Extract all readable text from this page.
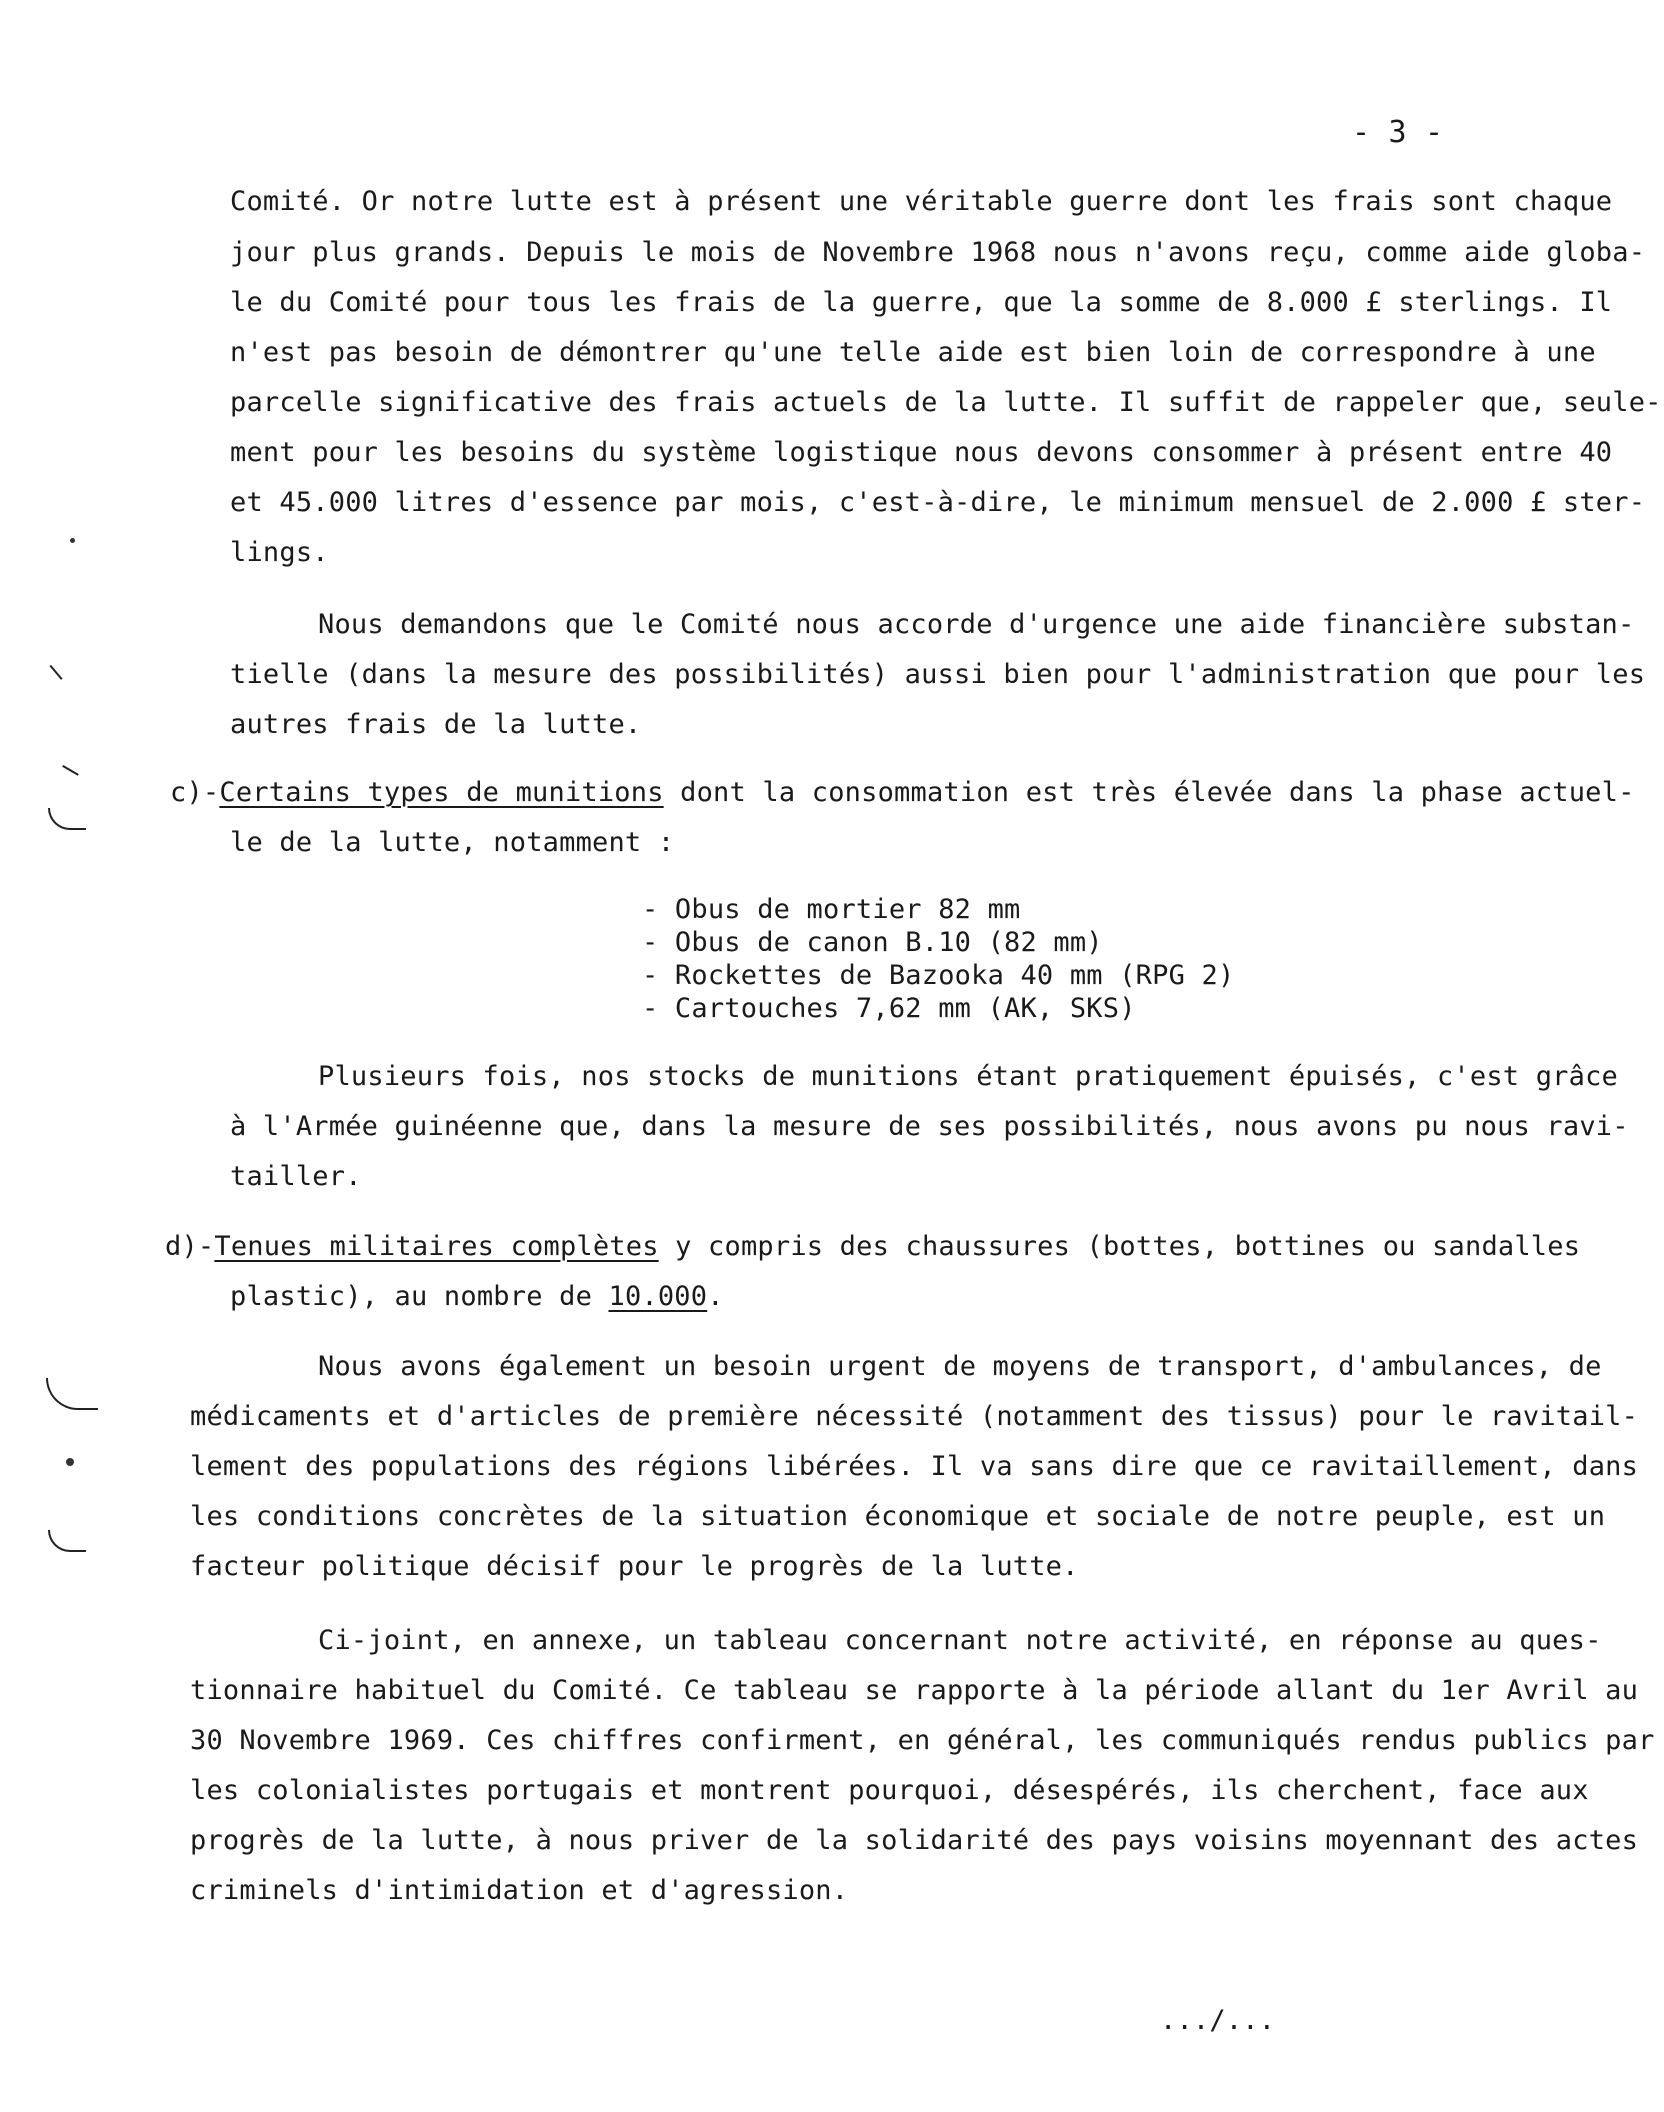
- 3 -
Comité. Or notre lutte est à présent une véritable guerre dont les frais sont chaque
jour plus grands. Depuis le mois de Novembre 1968 nous n'avons reçu, comme aide globa-
le du Comité pour tous les frais de la guerre, que la somme de 8.000 £ sterlings. Il
n'est pas besoin de démontrer qu'une telle aide est bien loin de correspondre à une
parcelle significative des frais actuels de la lutte. Il suffit de rappeler que, seule-
ment pour les besoins du système logistique nous devons consommer à présent entre 40
et 45.000 litres d'essence par mois, c'est-à-dire, le minimum mensuel de 2.000 £ ster-
lings.
Nous demandons que le Comité nous accorde d'urgence une aide financière substan-
tielle (dans la mesure des possibilités) aussi bien pour l'administration que pour les
autres frais de la lutte.
c)-Certains types de munitions dont la consommation est très élevée dans la phase actuel-
le de la lutte, notamment :
- Obus de mortier 82 mm
- Obus de canon B.10 (82 mm)
- Rockettes de Bazooka 40 mm (RPG 2)
- Cartouches 7,62 mm (AK, SKS)
Plusieurs fois, nos stocks de munitions étant pratiquement épuisés, c'est grâce
à l'Armée guinéenne que, dans la mesure de ses possibilités, nous avons pu nous ravi-
tailler.
d)-Tenues militaires complètes y compris des chaussures (bottes, bottines ou sandalles
plastic), au nombre de 10.000.
Nous avons également un besoin urgent de moyens de transport, d'ambulances, de
médicaments et d'articles de première nécessité (notamment des tissus) pour le ravitail-
lement des populations des régions libérées. Il va sans dire que ce ravitaillement, dans
les conditions concrètes de la situation économique et sociale de notre peuple, est un
facteur politique décisif pour le progrès de la lutte.
Ci-joint, en annexe, un tableau concernant notre activité, en réponse au ques-
tionnaire habituel du Comité. Ce tableau se rapporte à la période allant du 1er Avril au
30 Novembre 1969. Ces chiffres confirment, en général, les communiqués rendus publics par
les colonialistes portugais et montrent pourquoi, désespérés, ils cherchent, face aux
progrès de la lutte, à nous priver de la solidarité des pays voisins moyennant des actes
criminels d'intimidation et d'agression.
.../...
